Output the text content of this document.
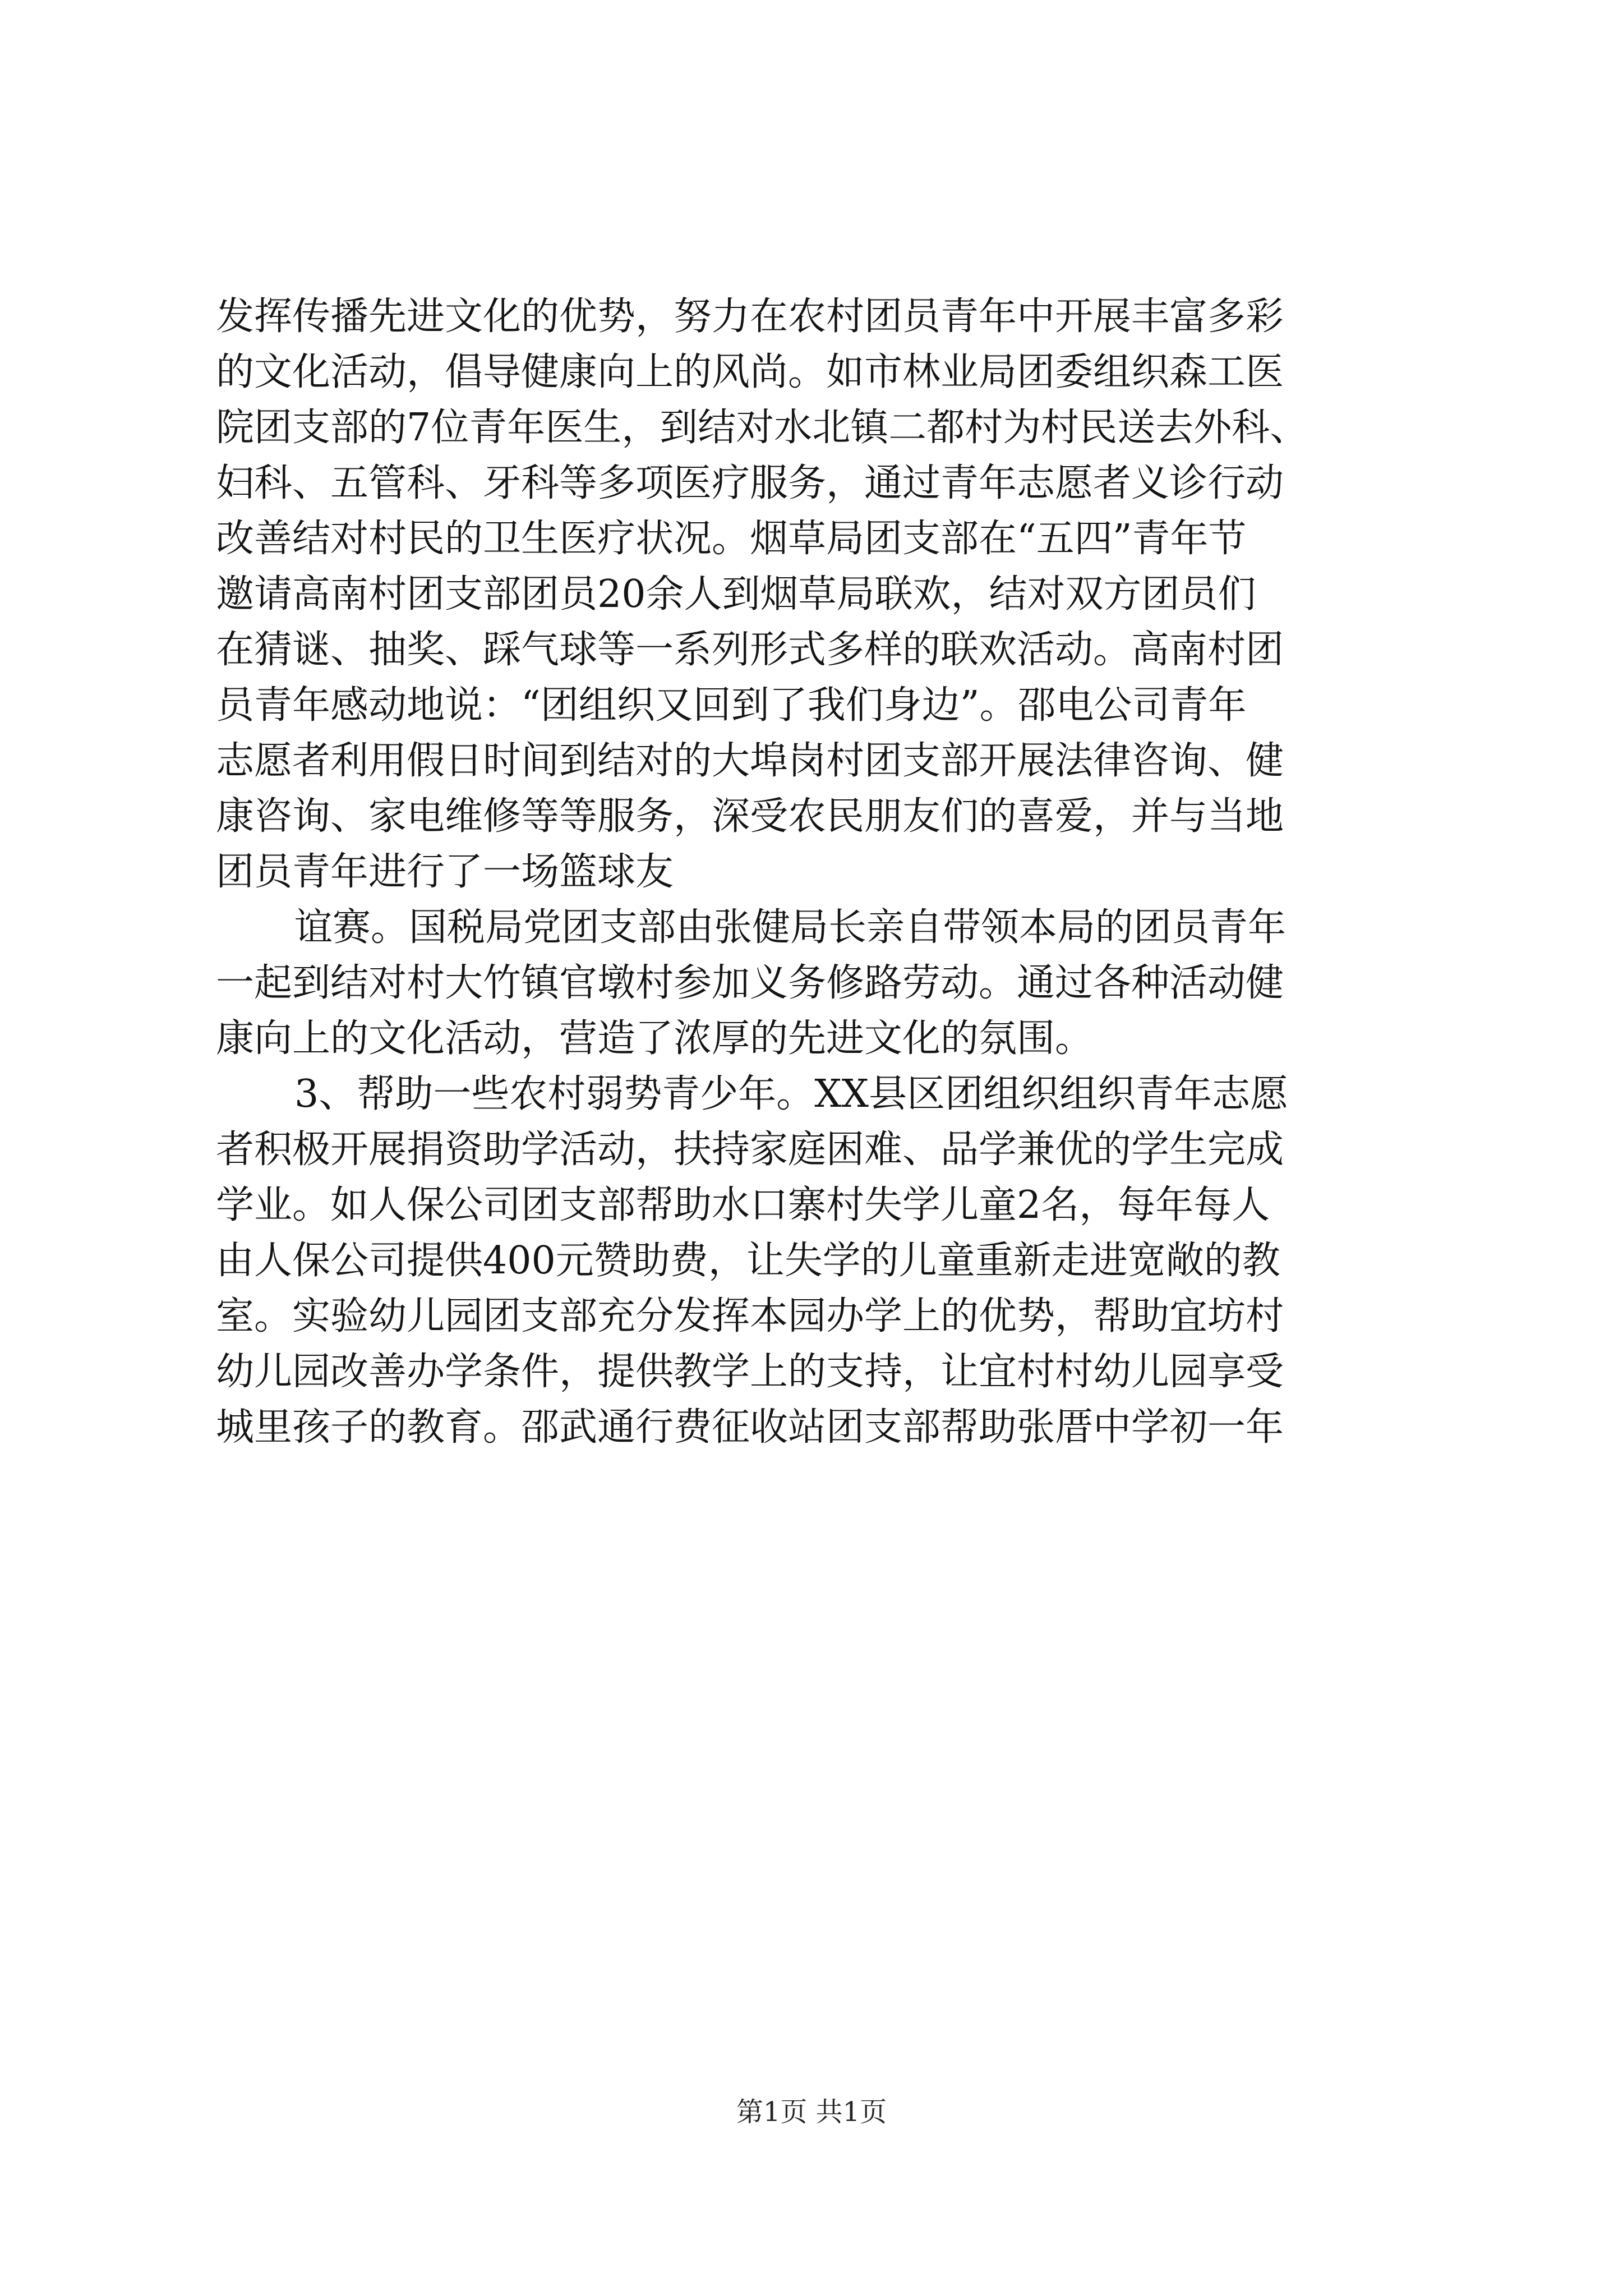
发挥传播先进文化的优势，努力在农村团员青年中开展丰富多彩
的文化活动，倡导健康向上的风尚。如市林业局团委组织森工医
院团支部的7位青年医生，到结对水北镇二都村为村民送去外科、
妇科、五管科、牙科等多项医疗服务，通过青年志愿者义诊行动
改善结对村民的卫生医疗状况。烟草局团支部在“五四”青年节
邀请高南村团支部团员20余人到烟草局联欢，结对双方团员们
在猜谜、抽奖、踩气球等一系列形式多样的联欢活动。高南村团
员青年感动地说：“团组织又回到了我们身边”。邵电公司青年
志愿者利用假日时间到结对的大埠岗村团支部开展法律咨询、健
康咨询、家电维修等等服务，深受农民朋友们的喜爱，并与当地
团员青年进行了一场篮球友
谊赛。国税局党团支部由张健局长亲自带领本局的团员青年
一起到结对村大竹镇官墩村参加义务修路劳动。通过各种活动健
康向上的文化活动，营造了浓厚的先进文化的氛围。
3、帮助一些农村弱势青少年。XX县区团组织组织青年志愿
者积极开展捐资助学活动，扶持家庭困难、品学兼优的学生完成
学业。如人保公司团支部帮助水口寨村失学儿童2名，每年每人
由人保公司提供400元赞助费，让失学的儿童重新走进宽敞的教
室。实验幼儿园团支部充分发挥本园办学上的优势，帮助宜坊村
幼儿园改善办学条件，提供教学上的支持，让宜村村幼儿园享受
城里孩子的教育。邵武通行费征收站团支部帮助张厝中学初一年
第1页 共1页
